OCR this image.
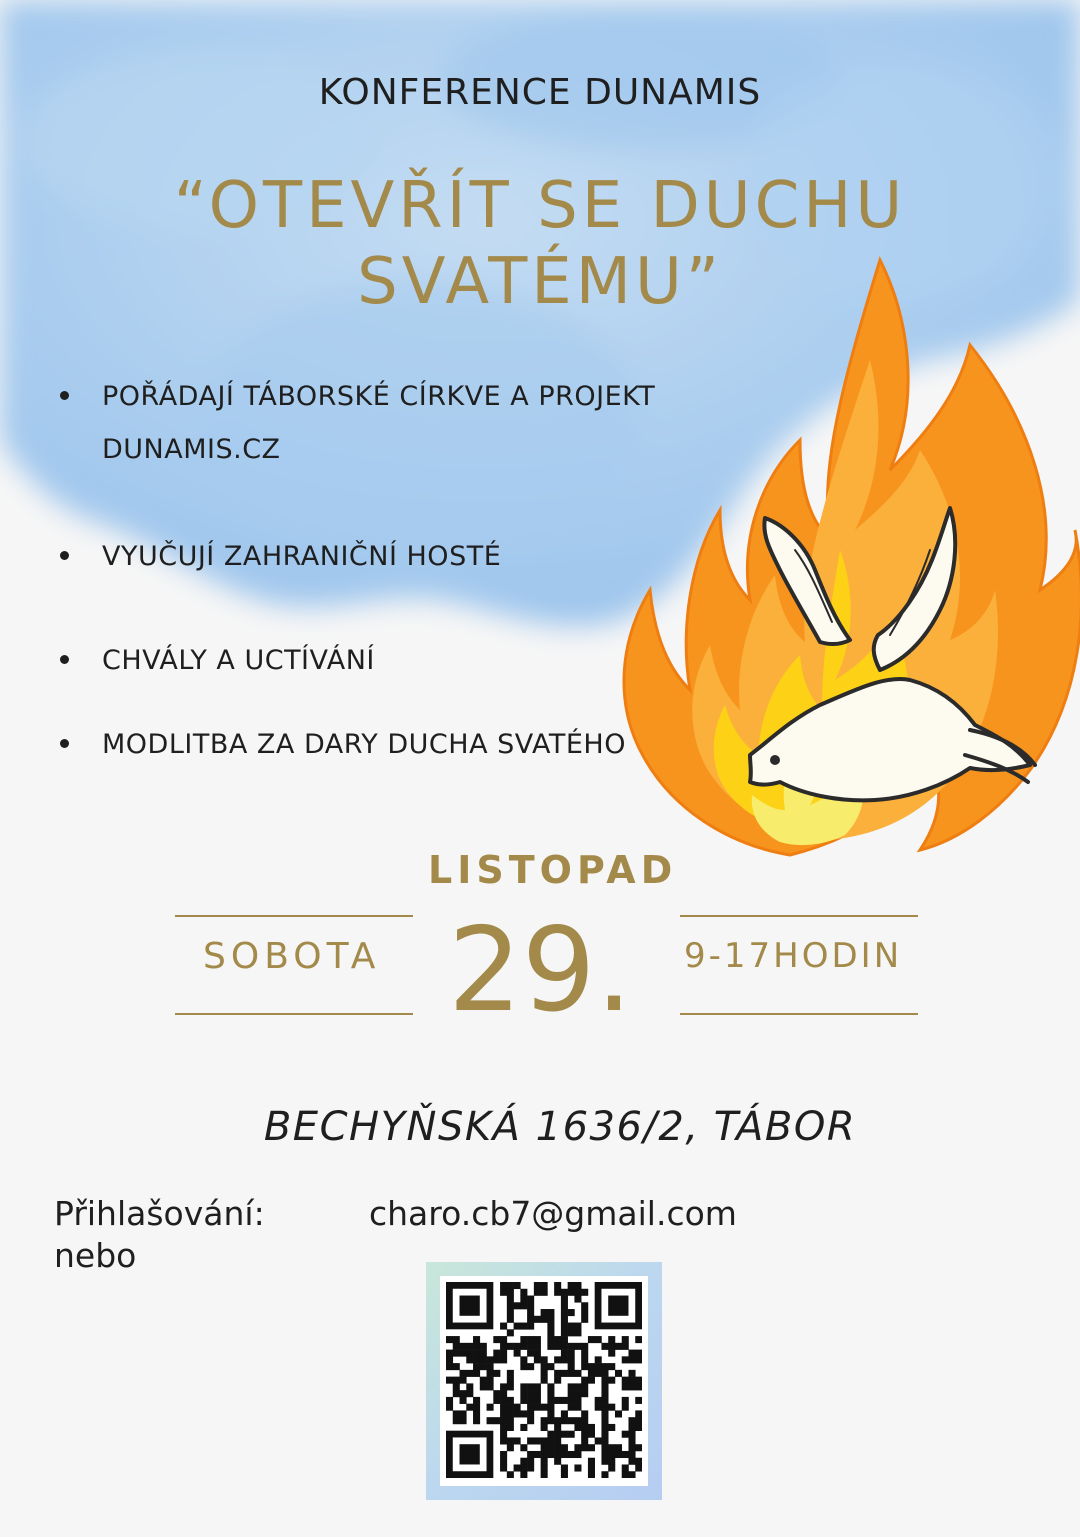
KONFERENCE DUNAMIS
“OTEVŘÍT SE DUCHU
SVATÉMU”
POŘÁDAJÍ TÁBORSKÉ CÍRKVE A PROJEKT DUNAMIS.CZ
VYUČUJÍ ZAHRANIČNÍ HOSTÉ
CHVÁLY A UCTÍVÁNÍ
MODLITBA ZA DARY DUCHA SVATÉHO
LISTOPAD
SOBOTA 29. 9-17HODIN
BECHYŇSKÁ 1636/2, TÁBOR
Přihlašování:	charo.cb7@gmail.com
nebo
